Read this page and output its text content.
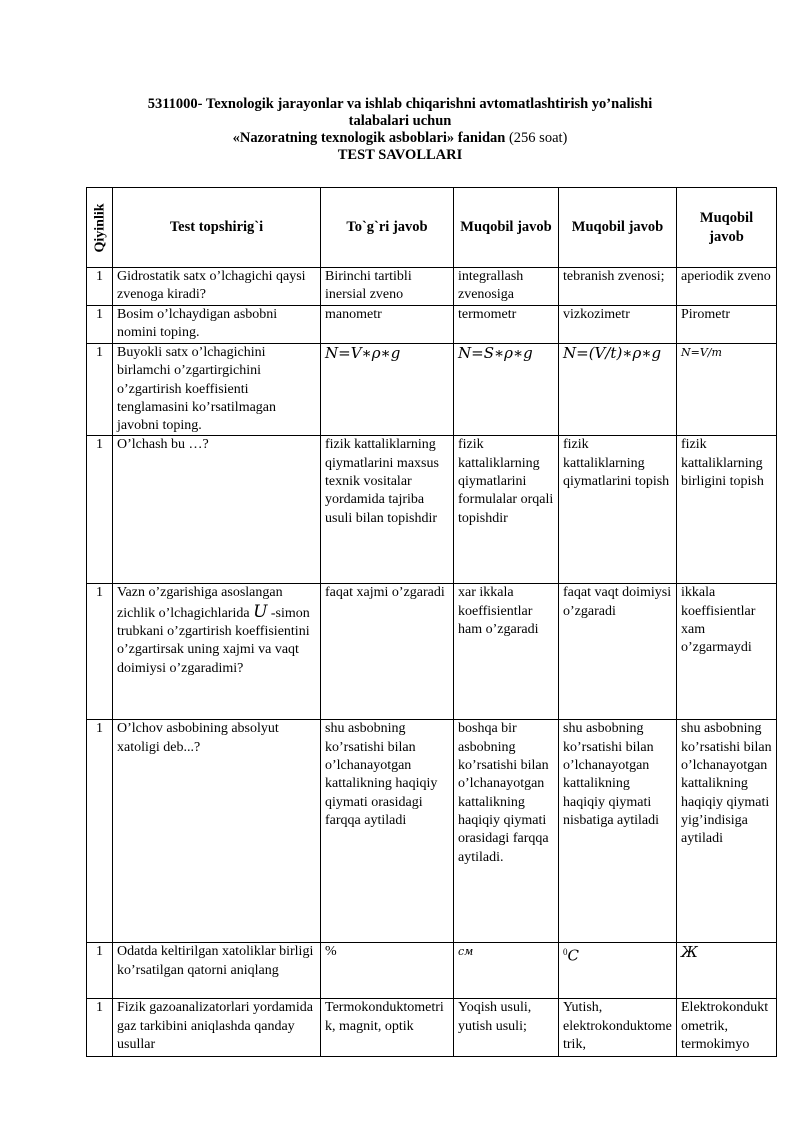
5311000- Texnologik jarayonlar va ishlab chiqarishni avtomatlashtirish yo’nalishi
talabalari uchun
«Nazoratning texnologik asboblari» fanidan (256 soat)
TEST SAVOLLARI
Qiyinlik	Test topshirig`i	To`g`ri javob	Muqobil javob	Muqobil javob	Muqobil javob
1	Gidrostatik satx o’lchagichi qaysi zvenoga kiradi?	Birinchi tartibli inersial zveno	integrallash zvenosiga	tebranish zvenosi;	aperiodik zveno
1	Bosim o’lchaydigan asbobni nomini toping.	manometr	termometr	vizkozimetr	Pirometr
1	Buyokli satx o’lchagichini birlamchi o’zgartirgichini o’zgartirish koeffisienti tenglamasini ko’rsatilmagan javobni toping.	N=V∗ρ∗g	N=S∗ρ∗g	N=(V/t)∗ρ∗g	N=V/m
1	O’lchash bu …?	fizik kattaliklarning qiymatlarini maxsus texnik vositalar yordamida tajriba usuli bilan topishdir	fizik kattaliklarning qiymatlarini formulalar orqali topishdir	fizik kattaliklarning qiymatlarini topish	fizik kattaliklarning birligini topish
1	Vazn o’zgarishiga asoslangan zichlik o’lchagichlarida U -simon trubkani o’zgartirish koeffisientini o’zgartirsak uning xajmi va vaqt doimiysi o’zgaradimi?	faqat xajmi o’zgaradi	xar ikkala koeffisientlar ham o’zgaradi	faqat vaqt doimiysi o’zgaradi	ikkala koeffisientlar xam o’zgarmaydi
1	O’lchov asbobining absolyut xatoligi deb...?	shu asbobning ko’rsatishi bilan o’lchanayotgan kattalikning haqiqiy qiymati orasidagi farqqa aytiladi	boshqa bir asbobning ko’rsatishi bilan o’lchanayotgan kattalikning haqiqiy qiymati orasidagi farqqa aytiladi.	shu asbobning ko’rsatishi bilan o’lchanayotgan kattalikning haqiqiy qiymati nisbatiga aytiladi	shu asbobning ko’rsatishi bilan o’lchanayotgan kattalikning haqiqiy qiymati yig’indisiga aytiladi
1	Odatda keltirilgan xatoliklar birligi ko’rsatilgan qatorni aniqlang	%	см	$^0$C	Ж
1	Fizik gazoanalizatorlari yordamida gaz tarkibini aniqlashda qanday usullar	Termokonduktometrik, magnit, optik	Yoqish usuli, yutish usuli;	Yutish, elektrokonduktometrik,	Elektrokonduktometrik, termokimyo
